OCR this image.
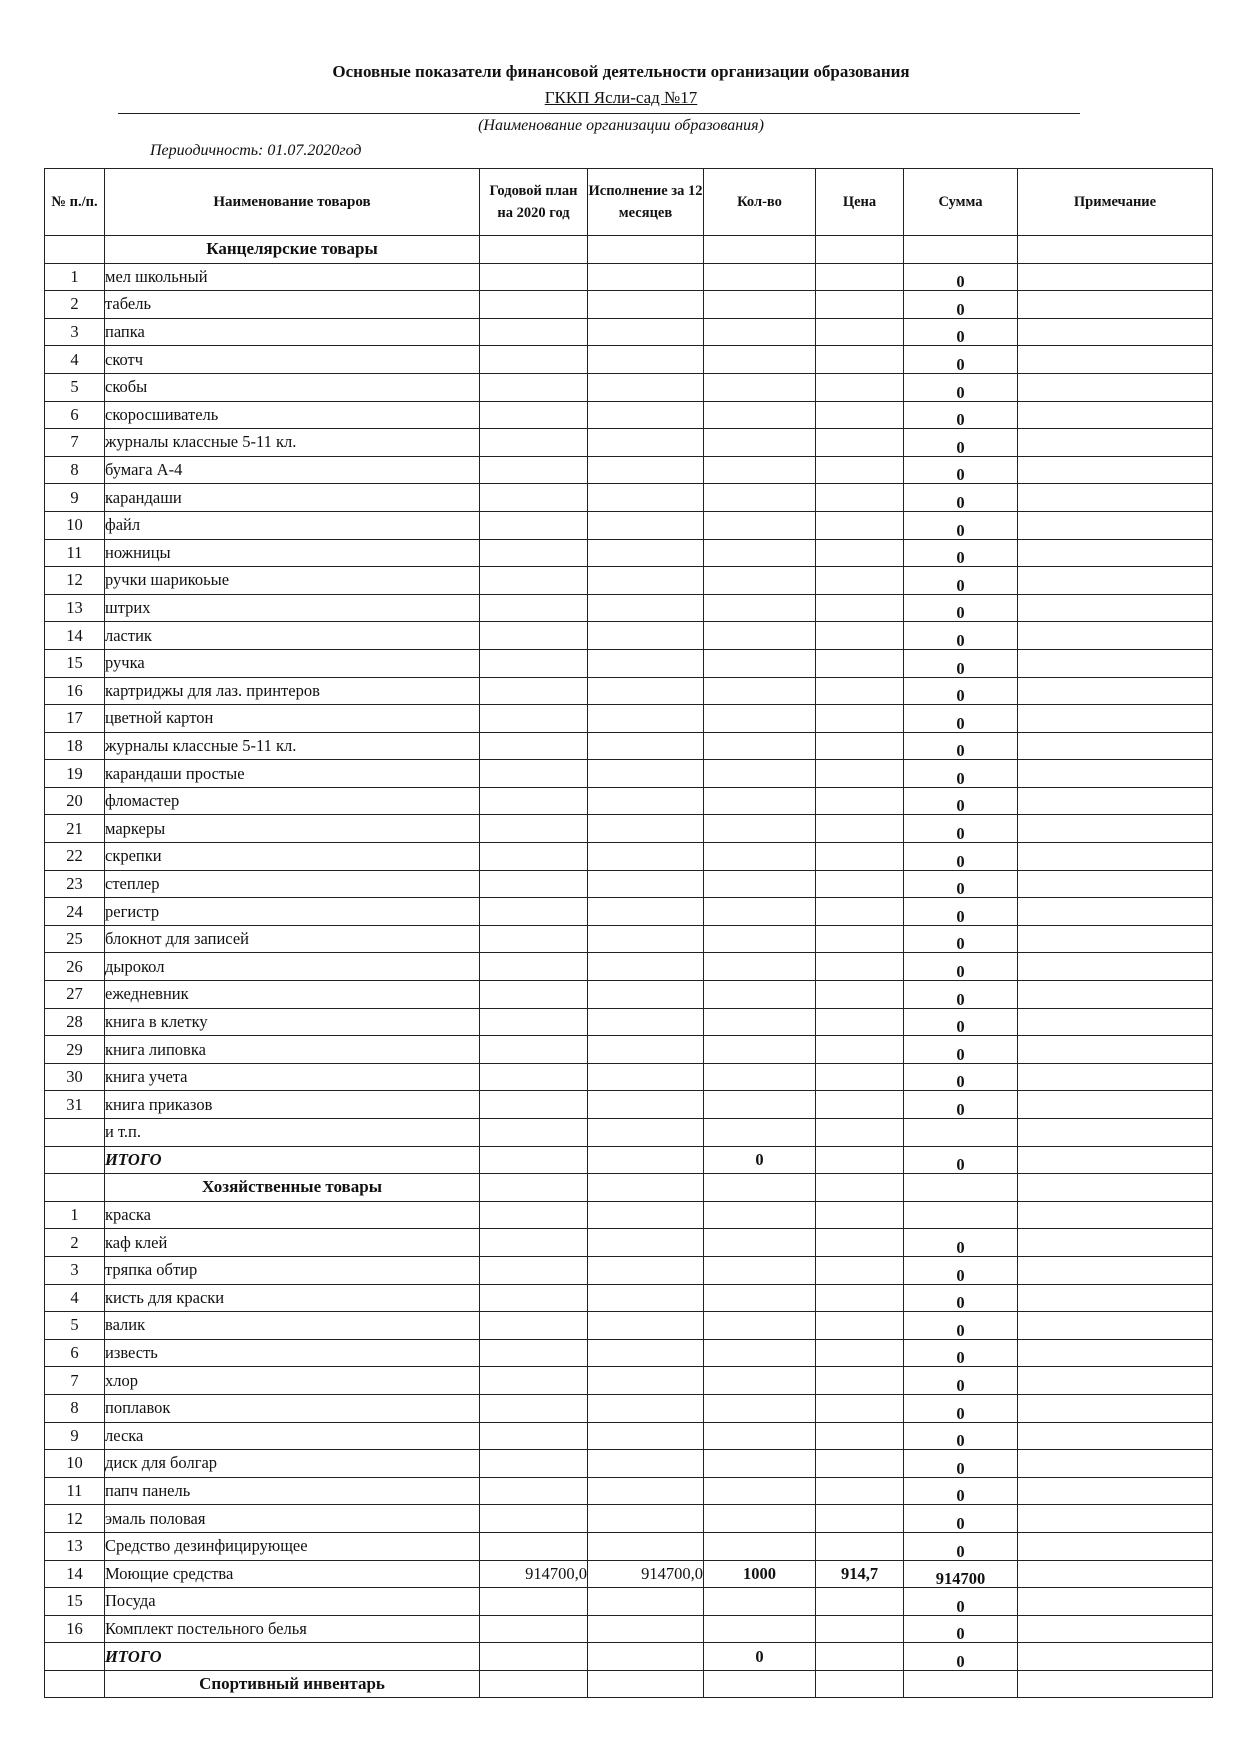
Основные показатели финансовой деятельности организации образования
ГККП Ясли-сад №17
(Наименование организации образования)
Периодичность: 01.07.2020год
№ п./п.	Наименование товаров	Годовой план на 2020 год	Исполнение за 12 месяцев	Кол-во	Цена	Сумма	Примечание
	Канцелярские товары						
1	мел школьный					0	
2	табель					0	
3	папка					0	
4	скотч					0	
5	скобы					0	
6	скоросшиватель					0	
7	журналы классные 5-11 кл.					0	
8	бумага А-4					0	
9	карандаши					0	
10	файл					0	
11	ножницы					0	
12	ручки шарикоьые					0	
13	штрих					0	
14	ластик					0	
15	ручка					0	
16	картриджы для лаз. принтеров					0	
17	цветной картон					0	
18	журналы классные 5-11 кл.					0	
19	карандаши простые					0	
20	фломастер					0	
21	маркеры					0	
22	скрепки					0	
23	степлер					0	
24	регистр					0	
25	блокнот для записей					0	
26	дырокол					0	
27	ежедневник					0	
28	книга в клетку					0	
29	книга липовка					0	
30	книга учета					0	
31	книга приказов					0	
	и т.п.						
	ИТОГО			0		0	
	Хозяйственные товары						
1	краска						
2	каф клей					0	
3	тряпка обтир					0	
4	кисть для краски					0	
5	валик					0	
6	известь					0	
7	хлор					0	
8	поплавок					0	
9	леска					0	
10	диск для болгар					0	
11	папч панель					0	
12	эмаль половая					0	
13	Средство дезинфицирующее					0	
14	Моющие средства	914700,0	914700,0	1000	914,7	914700	
15	Посуда					0	
16	Комплект постельного белья					0	
	ИТОГО			0		0	
	Спортивный инвентарь						
